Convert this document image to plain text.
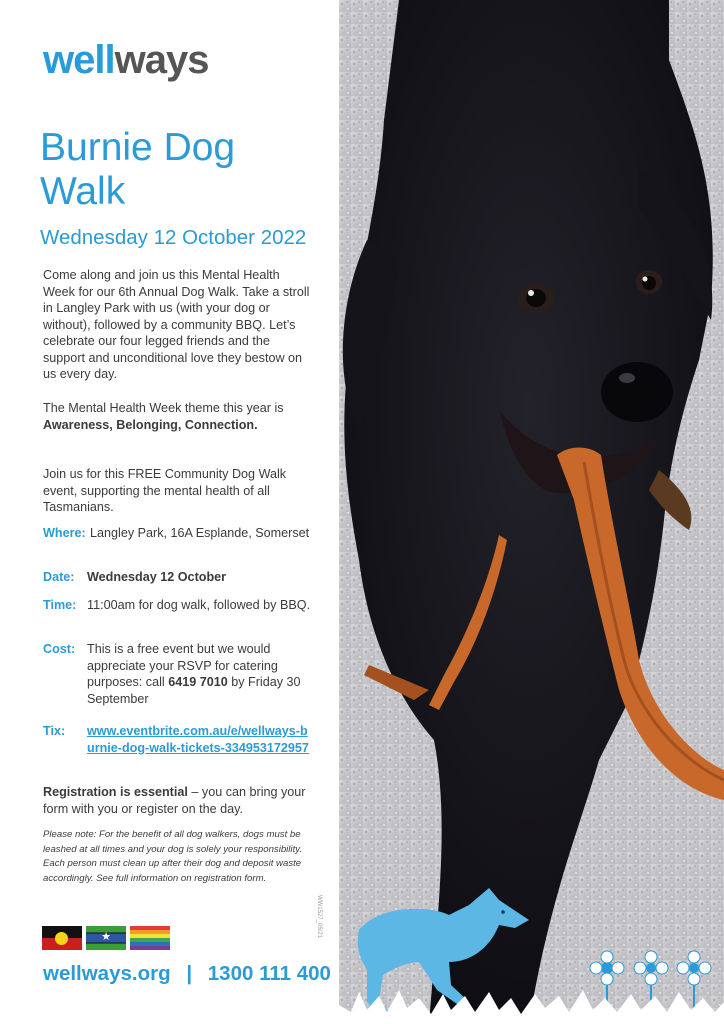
wellways
Burnie Dog Walk
Wednesday 12 October 2022
Come along and join us this Mental Health Week for our 6th Annual Dog Walk. Take a stroll in Langley Park with us (with your dog or without), followed by a community BBQ. Let’s celebrate our four legged friends and the support and unconditional love they bestow on us every day.
The Mental Health Week theme this year is
Awareness, Belonging, Connection.
Join us for this FREE Community Dog Walk event, supporting the mental health of all Tasmanians.
Where: Langley Park, 16A Esplande, Somerset
Date: Wednesday 12 October
Time: 11:00am for dog walk, followed by BBQ.
Cost: This is a free event but we would appreciate your RSVP for catering purposes: call 6419 7010 by Friday 30 September
Tix: www.eventbrite.com.au/e/wellways-burnie-dog-walk-tickets-334953172957
Registration is essential – you can bring your form with you or register on the day.
Please note: For the benefit of all dog walkers, dogs must be leashed at all times and your dog is solely your responsibility. Each person must clean up after their dog and deposit waste accordingly. See full information on registration form.
★
wellways.org | 1300 111 400
WW1527_05/21
